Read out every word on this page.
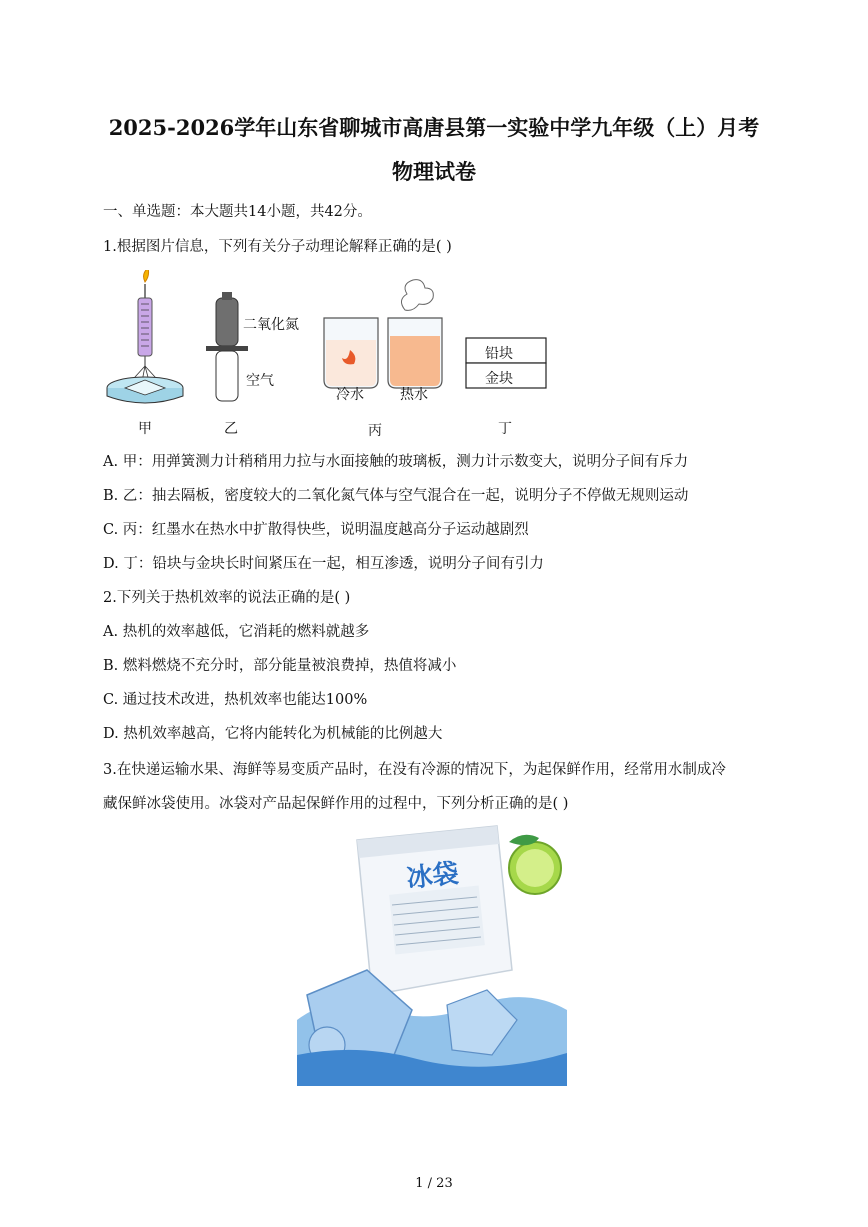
2025-2026学年山东省聊城市高唐县第一实验中学九年级（上）月考
物理试卷
一、单选题：本大题共14小题，共42分。
1.根据图片信息，下列有关分子动理论解释正确的是( )
二氧化氮
空气
冷水	热水
铅块
金块
甲	乙	丙	丁
A. 甲：用弹簧测力计稍稍用力拉与水面接触的玻璃板，测力计示数变大，说明分子间有斥力
B. 乙：抽去隔板，密度较大的二氧化氮气体与空气混合在一起，说明分子不停做无规则运动
C. 丙：红墨水在热水中扩散得快些，说明温度越高分子运动越剧烈
D. 丁：铅块与金块长时间紧压在一起，相互渗透，说明分子间有引力
2.下列关于热机效率的说法正确的是( )
A. 热机的效率越低，它消耗的燃料就越多
B. 燃料燃烧不充分时，部分能量被浪费掉，热值将减小
C. 通过技术改进，热机效率也能达100%
D. 热机效率越高，它将内能转化为机械能的比例越大
3.在快递运输水果、海鲜等易变质产品时，在没有冷源的情况下，为起保鲜作用，经常用水制成冷
藏保鲜冰袋使用。冰袋对产品起保鲜作用的过程中，下列分析正确的是( )
冰袋
1 / 23
